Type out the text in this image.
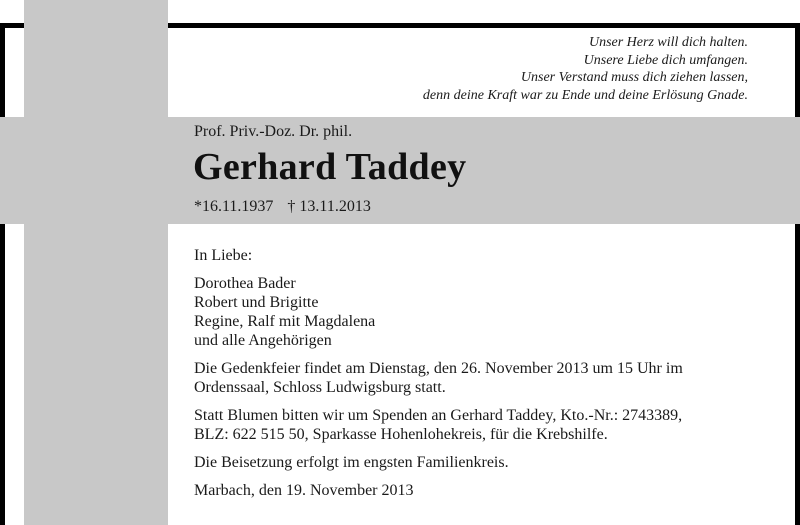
Unser Herz will dich halten.
Unsere Liebe dich umfangen.
Unser Verstand muss dich ziehen lassen,
denn deine Kraft war zu Ende und deine Erlösung Gnade.
Prof. Priv.-Doz. Dr. phil.
Gerhard Taddey
*16.11.1937 † 13.11.2013

In Liebe:

Dorothea Bader
Robert und Brigitte
Regine, Ralf mit Magdalena
und alle Angehörigen

Die Gedenkfeier findet am Dienstag, den 26. November 2013 um 15 Uhr im
Ordenssaal, Schloss Ludwigsburg statt.

Statt Blumen bitten wir um Spenden an Gerhard Taddey, Kto.-Nr.: 2743389,
BLZ: 622 515 50, Sparkasse Hohenlohekreis, für die Krebshilfe.

Die Beisetzung erfolgt im engsten Familienkreis.

Marbach, den 19. November 2013
